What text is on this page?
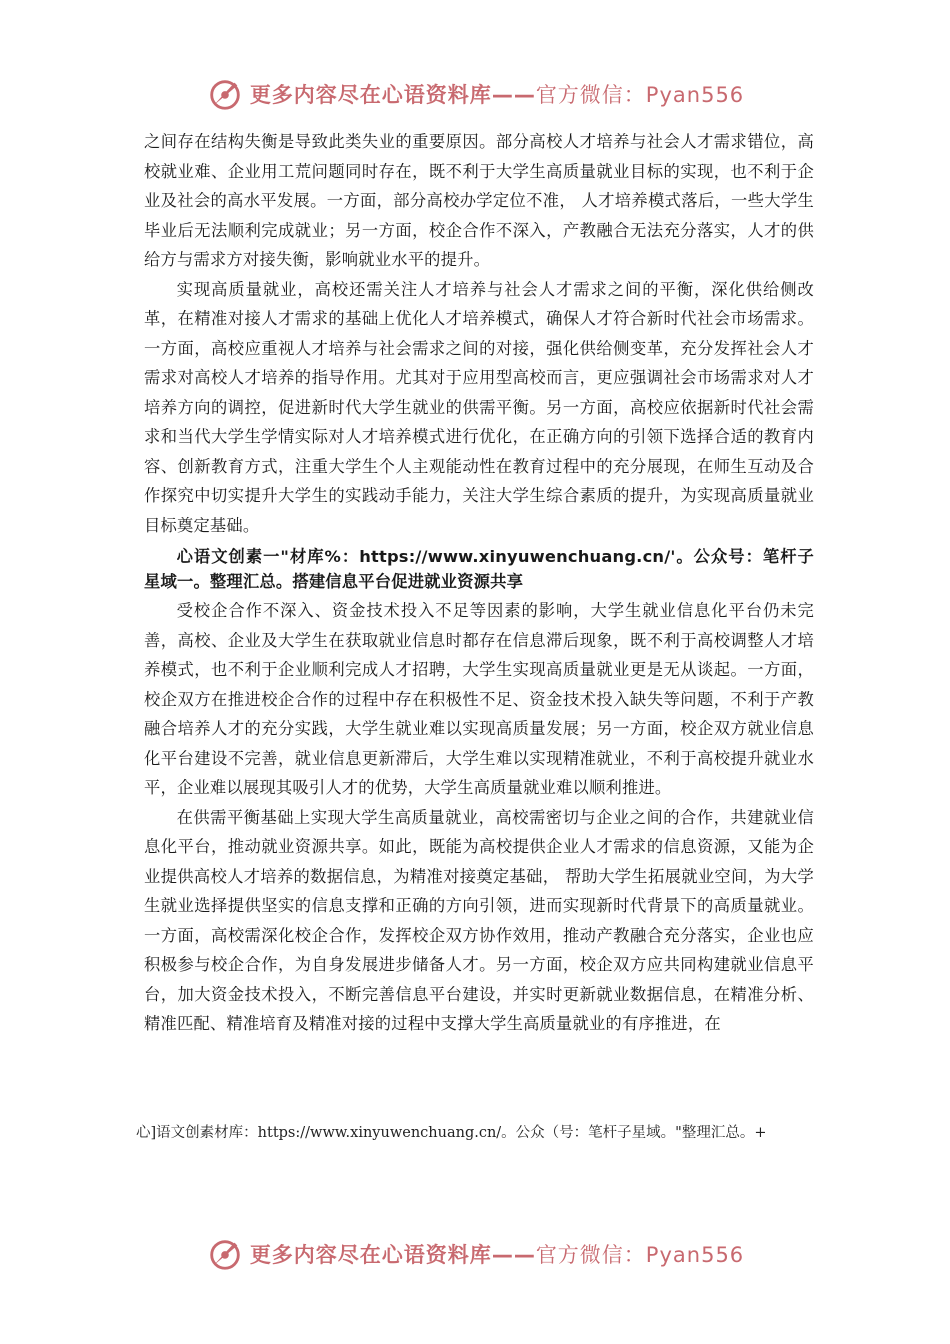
更多内容尽在心语资料库——官方微信：Pyan556

之间存在结构失衡是导致此类失业的重要原因。部分高校人才培养与社会人才需求错位，高校就业难、企业用工荒问题同时存在，既不利于大学生高质量就业目标的实现，也不利于企业及社会的高水平发展。一方面，部分高校办学定位不准， 人才培养模式落后，一些大学生毕业后无法顺利完成就业；另一方面，校企合作不深入，产教融合无法充分落实，人才的供给方与需求方对接失衡，影响就业水平的提升。

实现高质量就业，高校还需关注人才培养与社会人才需求之间的平衡，深化供给侧改革，在精准对接人才需求的基础上优化人才培养模式，确保人才符合新时代社会市场需求。一方面，高校应重视人才培养与社会需求之间的对接，强化供给侧变革，充分发挥社会人才需求对高校人才培养的指导作用。尤其对于应用型高校而言，更应强调社会市场需求对人才培养方向的调控，促进新时代大学生就业的供需平衡。另一方面，高校应依据新时代社会需求和当代大学生学情实际对人才培养模式进行优化，在正确方向的引领下选择合适的教育内容、创新教育方式，注重大学生个人主观能动性在教育过程中的充分展现，在师生互动及合作探究中切实提升大学生的实践动手能力，关注大学生综合素质的提升，为实现高质量就业目标奠定基础。

心语文创素一"材库%：https://www.xinyuwenchuang.cn/'。公众号：笔杆子星域一。整理汇总。搭建信息平台促进就业资源共享

受校企合作不深入、资金技术投入不足等因素的影响，大学生就业信息化平台仍未完善，高校、企业及大学生在获取就业信息时都存在信息滞后现象，既不利于高校调整人才培养模式，也不利于企业顺利完成人才招聘，大学生实现高质量就业更是无从谈起。一方面，校企双方在推进校企合作的过程中存在积极性不足、资金技术投入缺失等问题，不利于产教融合培养人才的充分实践，大学生就业难以实现高质量发展；另一方面，校企双方就业信息化平台建设不完善，就业信息更新滞后，大学生难以实现精准就业，不利于高校提升就业水平，企业难以展现其吸引人才的优势，大学生高质量就业难以顺利推进。

在供需平衡基础上实现大学生高质量就业，高校需密切与企业之间的合作，共建就业信息化平台，推动就业资源共享。如此，既能为高校提供企业人才需求的信息资源，又能为企业提供高校人才培养的数据信息，为精准对接奠定基础， 帮助大学生拓展就业空间，为大学生就业选择提供坚实的信息支撑和正确的方向引领，进而实现新时代背景下的高质量就业。一方面，高校需深化校企合作，发挥校企双方协作效用，推动产教融合充分落实，企业也应积极参与校企合作，为自身发展进步储备人才。另一方面，校企双方应共同构建就业信息平台，加大资金技术投入，不断完善信息平台建设，并实时更新就业数据信息，在精准分析、精准匹配、精准培育及精准对接的过程中支撑大学生高质量就业的有序推进，在

心]语文创素材库：https://www.xinyuwenchuang.cn/。公众（号：笔杆子星域。"整理汇总。+
更多内容尽在心语资料库——官方微信：Pyan556
